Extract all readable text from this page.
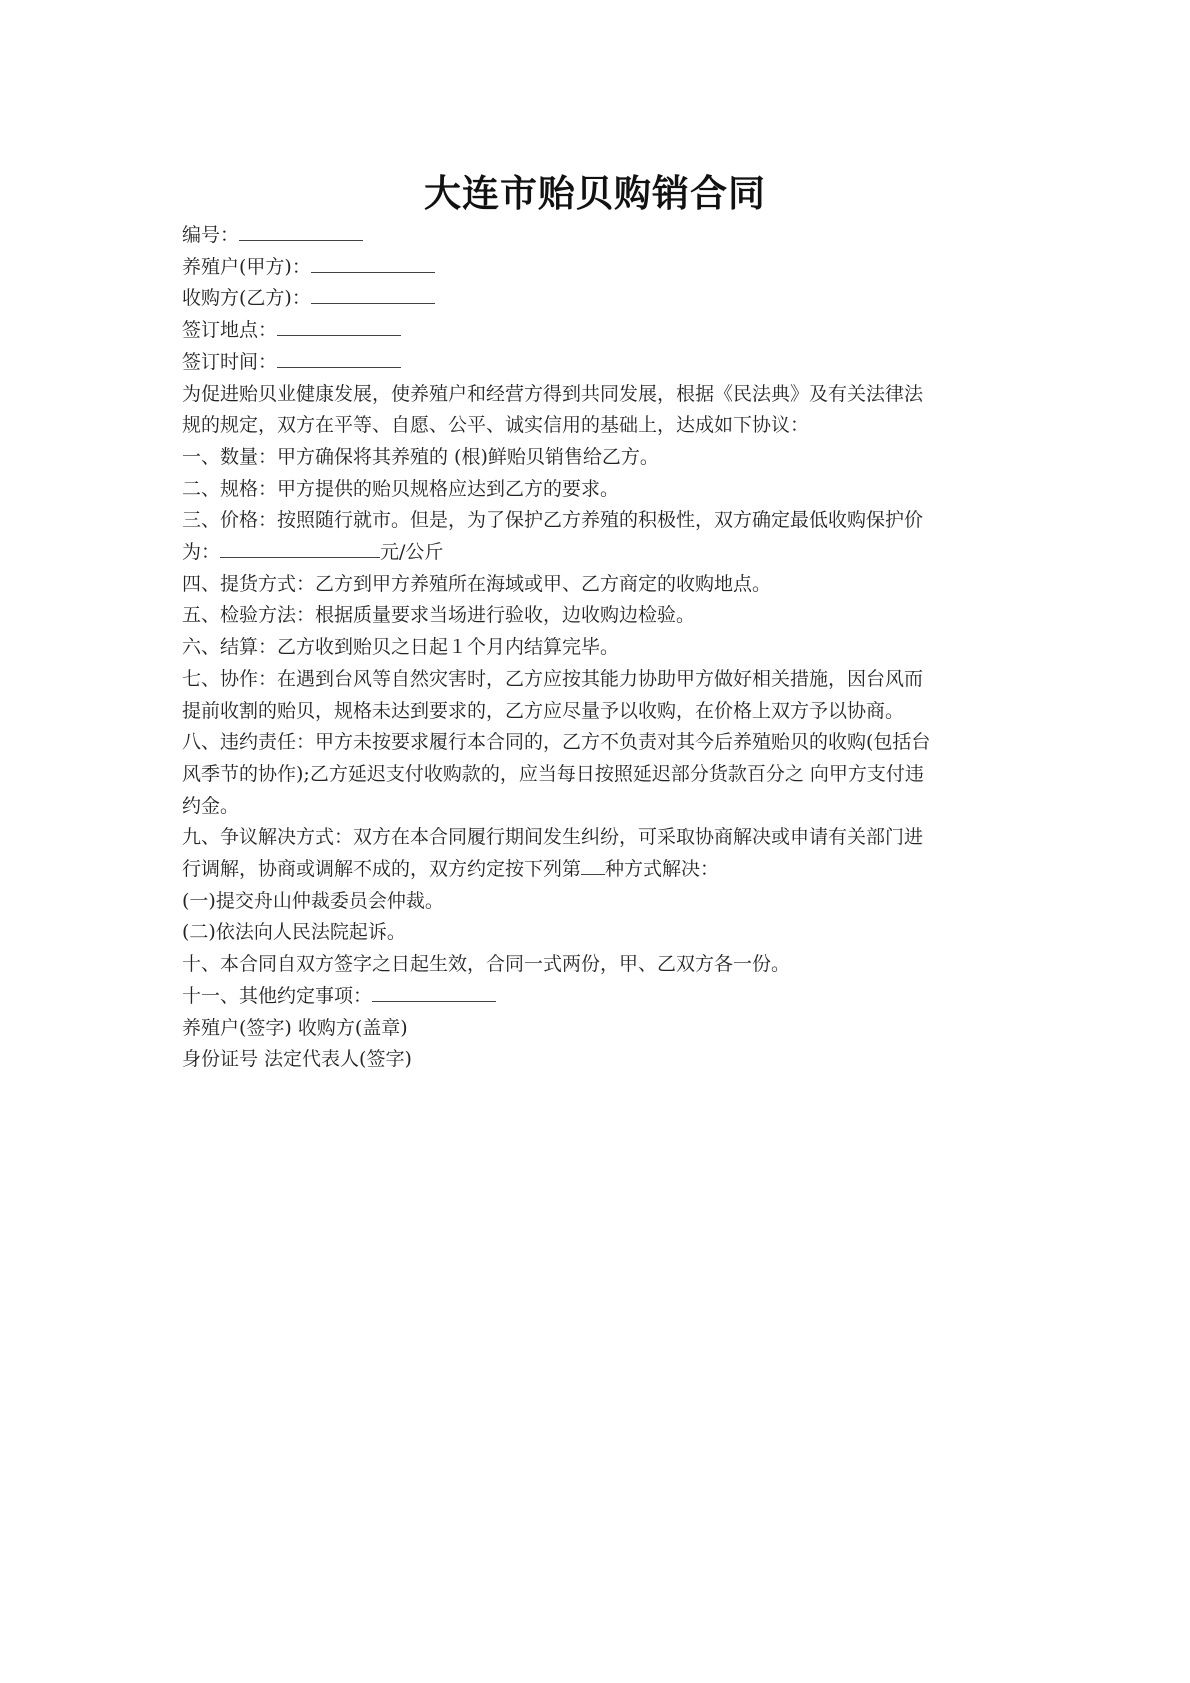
大连市贻贝购销合同
编号：
养殖户(甲方)：
收购方(乙方)：
签订地点：
签订时间：
为促进贻贝业健康发展，使养殖户和经营方得到共同发展，根据《民法典》及有关法律法
规的规定，双方在平等、自愿、公平、诚实信用的基础上，达成如下协议：
一、数量：甲方确保将其养殖的 (根)鲜贻贝销售给乙方。
二、规格：甲方提供的贻贝规格应达到乙方的要求。
三、价格：按照随行就市。但是，为了保护乙方养殖的积极性，双方确定最低收购保护价
为：	元/公斤
四、提货方式：乙方到甲方养殖所在海域或甲、乙方商定的收购地点。
五、检验方法：根据质量要求当场进行验收，边收购边检验。
六、结算：乙方收到贻贝之日起１个月内结算完毕。
七、协作：在遇到台风等自然灾害时，乙方应按其能力协助甲方做好相关措施，因台风而
提前收割的贻贝，规格未达到要求的，乙方应尽量予以收购，在价格上双方予以协商。
八、违约责任：甲方未按要求履行本合同的，乙方不负责对其今后养殖贻贝的收购(包括台
风季节的协作);乙方延迟支付收购款的，应当每日按照延迟部分货款百分之 向甲方支付违
约金。
九、争议解决方式：双方在本合同履行期间发生纠纷，可采取协商解决或申请有关部门进
行调解，协商或调解不成的，双方约定按下列第 种方式解决：
(一)提交舟山仲裁委员会仲裁。
(二)依法向人民法院起诉。
十、本合同自双方签字之日起生效，合同一式两份，甲、乙双方各一份。
十一、其他约定事项：
养殖户(签字) 收购方(盖章)
身份证号 法定代表人(签字)
